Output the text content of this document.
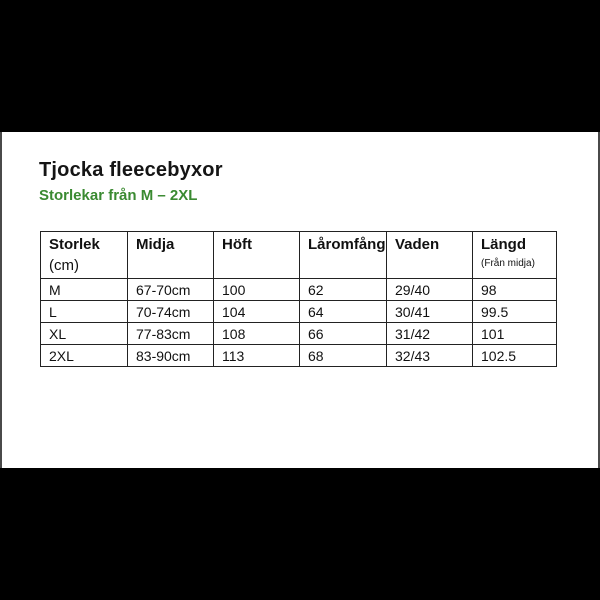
Tjocka fleecebyxor
Storlekar från M – 2XL
Storlek
(cm)	Midja	Höft	Låromfång	Vaden	Längd
(Från midja)

M	67-70cm	100	62	29/40	98
L	70-74cm	104	64	30/41	99.5
XL	77-83cm	108	66	31/42	101
2XL	83-90cm	113	68	32/43	102.5
